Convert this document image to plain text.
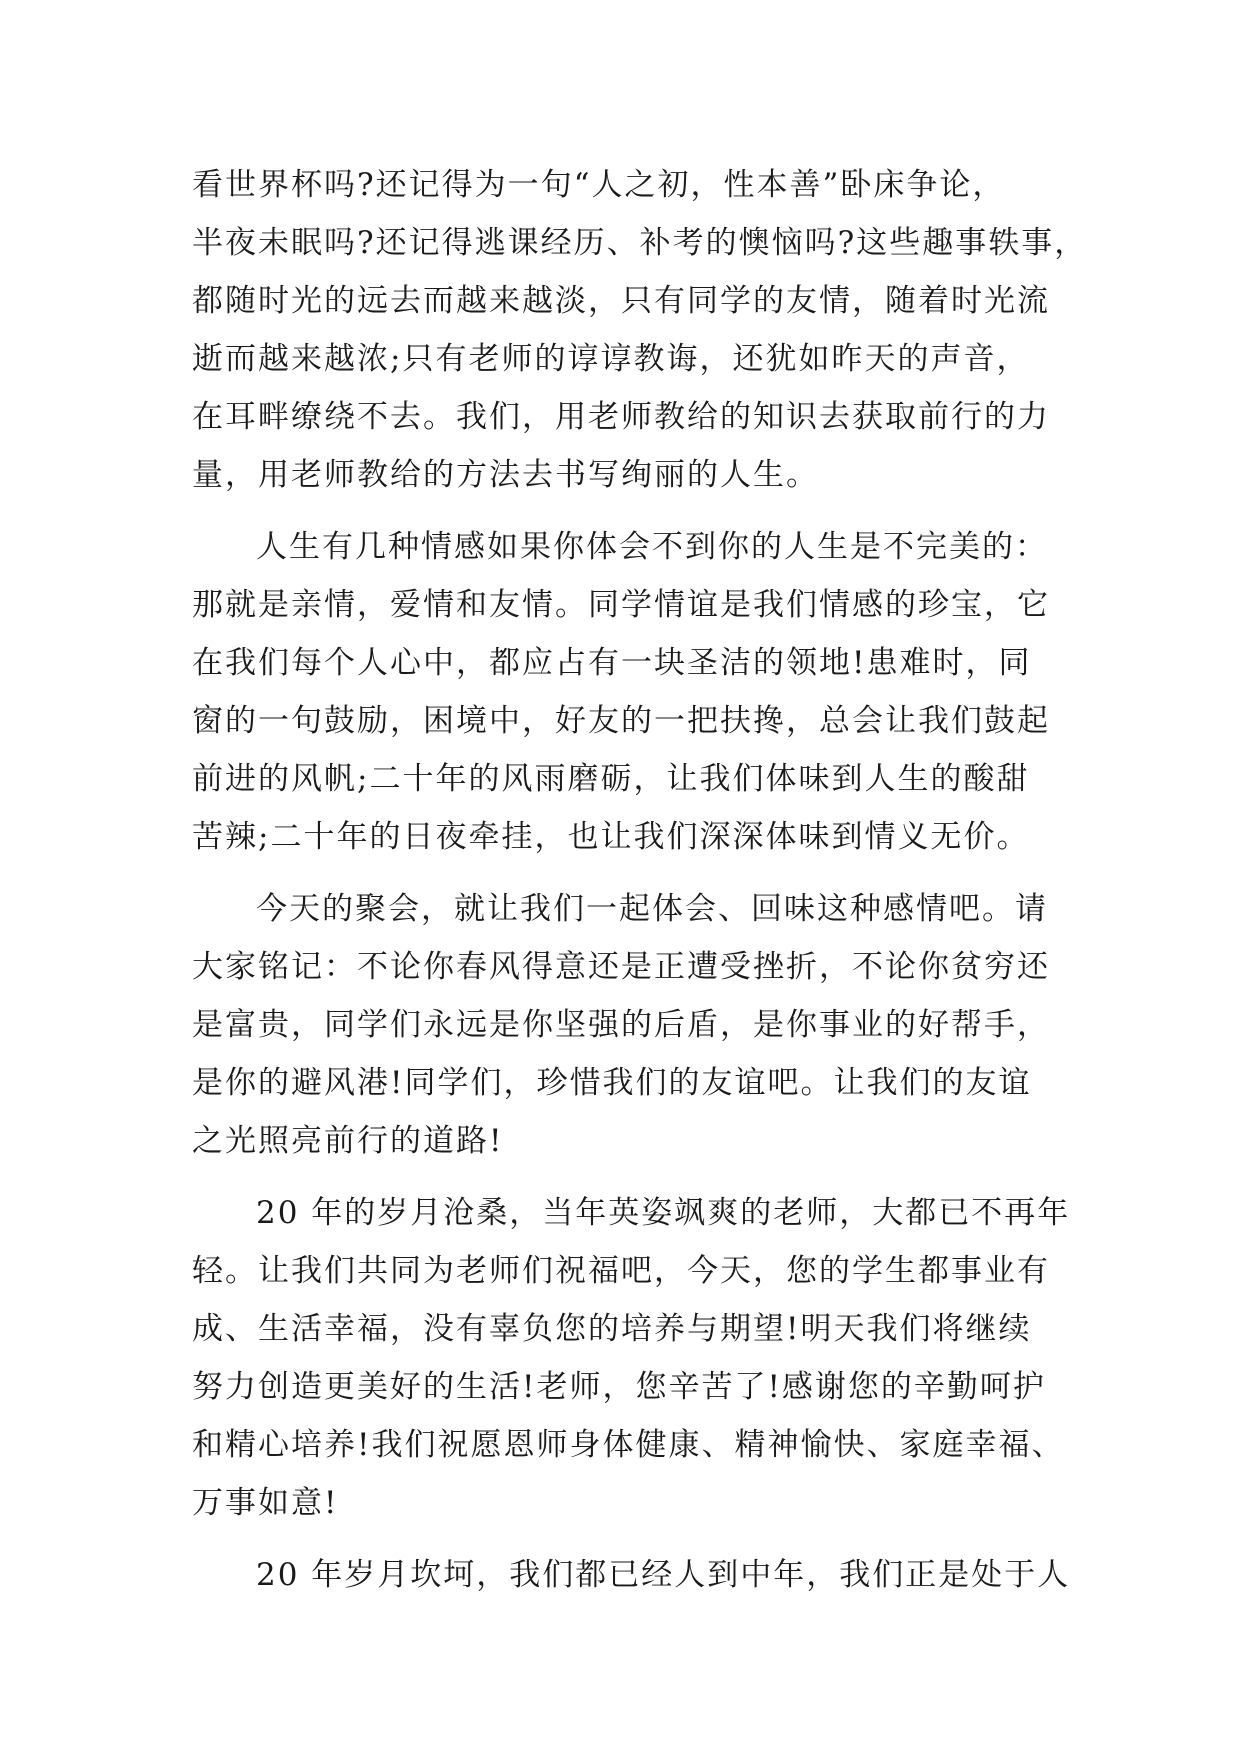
看世界杯吗?还记得为一句“人之初，性本善”卧床争论，
半夜未眠吗?还记得逃课经历、补考的懊恼吗?这些趣事轶事，
都随时光的远去而越来越淡，只有同学的友情，随着时光流
逝而越来越浓;只有老师的谆谆教诲，还犹如昨天的声音，
在耳畔缭绕不去。我们，用老师教给的知识去获取前行的力
量，用老师教给的方法去书写绚丽的人生。
人生有几种情感如果你体会不到你的人生是不完美的：
那就是亲情，爱情和友情。同学情谊是我们情感的珍宝，它
在我们每个人心中，都应占有一块圣洁的领地!患难时，同
窗的一句鼓励，困境中，好友的一把扶搀，总会让我们鼓起
前进的风帆;二十年的风雨磨砺，让我们体味到人生的酸甜
苦辣;二十年的日夜牵挂，也让我们深深体味到情义无价。
今天的聚会，就让我们一起体会、回味这种感情吧。请
大家铭记：不论你春风得意还是正遭受挫折，不论你贫穷还
是富贵，同学们永远是你坚强的后盾，是你事业的好帮手，
是你的避风港!同学们，珍惜我们的友谊吧。让我们的友谊
之光照亮前行的道路!
20 年的岁月沧桑，当年英姿飒爽的老师，大都已不再年
轻。让我们共同为老师们祝福吧，今天，您的学生都事业有
成、生活幸福，没有辜负您的培养与期望!明天我们将继续
努力创造更美好的生活!老师，您辛苦了!感谢您的辛勤呵护
和精心培养!我们祝愿恩师身体健康、精神愉快、家庭幸福、
万事如意!
20 年岁月坎坷，我们都已经人到中年，我们正是处于人
